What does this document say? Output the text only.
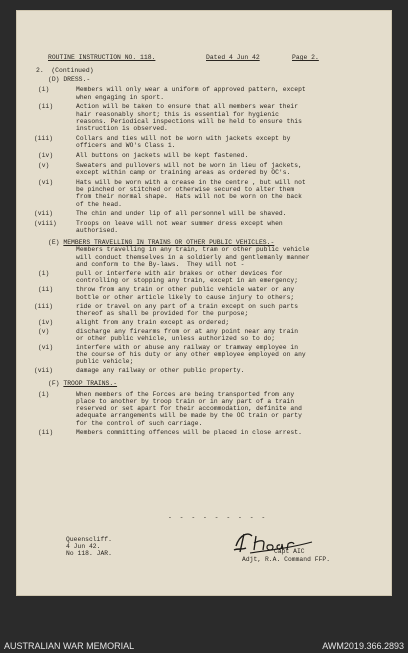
ROUTINE INSTRUCTION NO. 118.	Dated 4 Jun 42	Page 2.
2.  (Continued)
(D) DRESS.-
(i)	Members will only wear a uniform of approved pattern, except
when engaging in sport.
(ii)	Action will be taken to ensure that all members wear their
hair reasonably short; this is essential for hygienic
reasons. Periodical inspections will be held to ensure this
instruction is observed.
(iii)	Collars and ties will not be worn with jackets except by
officers and WO's Class 1.
(iv)	All buttons on jackets will be kept fastened.
(v)	Sweaters and pullovers will not be worn in lieu of jackets,
except within camp or training areas as ordered by OC's.
(vi)	Hats will be worn with a crease in the centre , but will not
be pinched or stitched or otherwise secured to alter them
from their normal shape.  Hats will not be worn on the back
of the head.
(vii)	The chin and under lip of all personnel will be shaved.
(viii)	Troops on leave will not wear summer dress except when
authorised.
(E) MEMBERS TRAVELLING IN TRAINS OR OTHER PUBLIC VEHICLES.-
Members travelling in any train, tram or other public vehicle
will conduct themselves in a soldierly and gentlemanly manner
and conform to the By-laws.  They will not -
(i)	pull or interfere with air brakes or other devices for
controlling or stopping any train, except in an emergency;
(ii)	throw from any train or other public vehicle water or any
bottle or other article likely to cause injury to others;
(iii)	ride or travel on any part of a train except on such parts
thereof as shall be provided for the purpose;
(iv)	alight from any train except as ordered;
(v)	discharge any firearms from or at any point near any train
or other public vehicle, unless authorized so to do;
(vi)	interfere with or abuse any railway or tramway employee in
the course of his duty or any other employee employed on any
public vehicle;
(vii)	damage any railway or other public property.
(F) TROOP TRAINS.-
(i)	When members of the Forces are being transported from any
place to another by troop train or in any part of a train
reserved or set apart for their accommodation, definite and
adequate arrangements will be made by the OC train or party
for the control of such carriage.
(ii)	Members committing offences will be placed in close arrest.
- - - - - - - - -
Queenscliff.
4 Jun 42.
No 118. JAR.	Capt AIC
Adjt, R.A. Command FFP.
AUSTRALIAN WAR MEMORIAL	AWM2019.366.2893
